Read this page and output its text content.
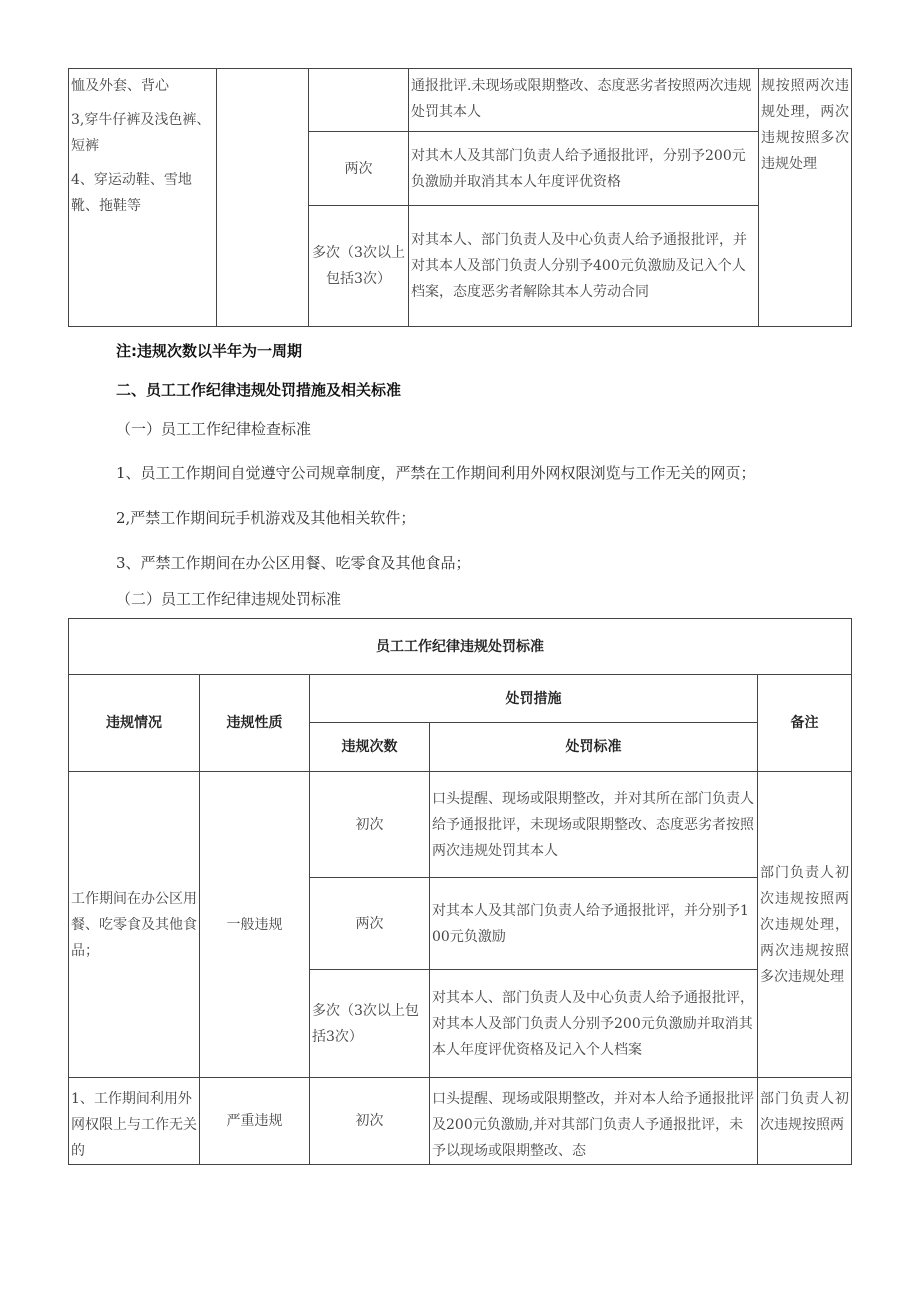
恤及外套、背心
3,穿牛仔裤及浅色裤、短裤
4、穿运动鞋、雪地靴、拖鞋等			通报批评.未现场或限期整改、态度恶劣者按照两次违规处罚其本人	规按照两次违规处理，两次违规按照多次违规处理
		两次	对其木人及其部门负责人给予通报批评，分别予200元负激励并取消其本人年度评优资格	
		多次（3次以上包括3次）	对其本人、部门负责人及中心负责人给予通报批评，并对其本人及部门负责人分别予400元负激励及记入个人档案，态度恶劣者解除其本人劳动合同	
注:违规次数以半年为一周期
二、员工工作纪律违规处罚措施及相关标准
（一）员工工作纪律检查标准
1、员工工作期间自觉遵守公司规章制度，严禁在工作期间利用外网权限浏览与工作无关的网页；
2,严禁工作期间玩手机游戏及其他相关软件；
3、严禁工作期间在办公区用餐、吃零食及其他食品；
（二）员工工作纪律违规处罚标准
员工工作纪律违规处罚标准				
违规情况	违规性质	处罚措施		备注
		违规次数	处罚标准	
工作期间在办公区用餐、吃零食及其他食品；	一般违规	初次	口头提醒、现场或限期整改，并对其所在部门负责人给予通报批评，未现场或限期整改、态度恶劣者按照两次违规处罚其本人	部门负责人初次违规按照两次违规处理，两次违规按照多次违规处理
		两次	对其本人及其部门负责人给予通报批评，并分别予100元负激励	
		多次（3次以上包括3次）	对其本人、部门负责人及中心负责人给予通报批评，对其本人及部门负责人分别予200元负激励并取消其本人年度评优资格及记入个人档案	
1、工作期间利用外网权限上与工作无关的	严重违规	初次	口头提醒、现场或限期整改，并对本人给予通报批评及200元负激励,并对其部门负责人予通报批评，未予以现场或限期整改、态	部门负责人初次违规按照两
